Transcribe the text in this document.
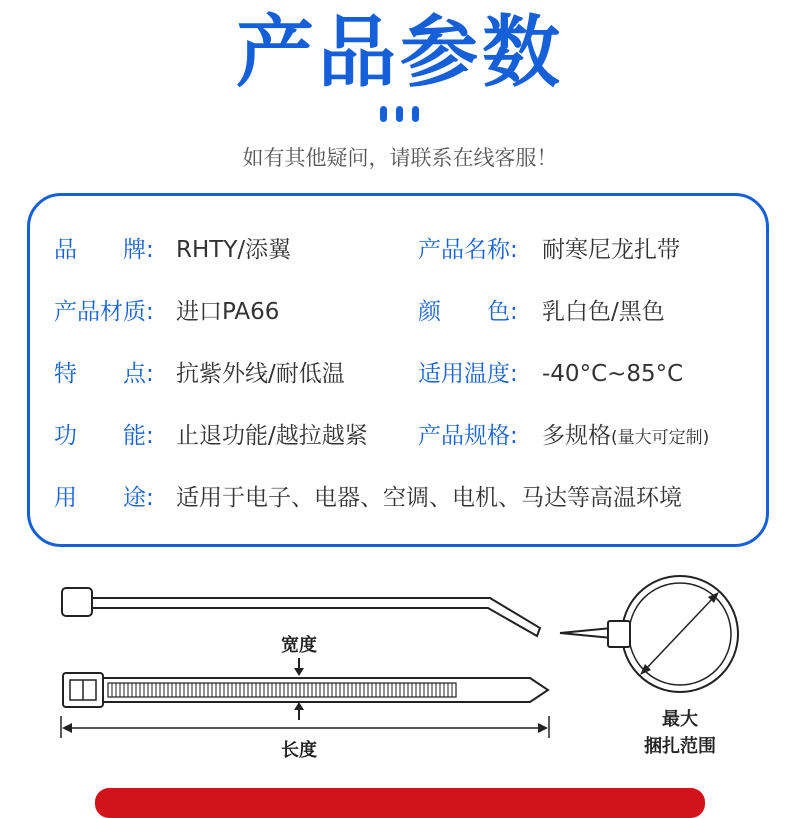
产品参数
如有其他疑问，请联系在线客服！
品　　牌: RHTY/添翼	产品名称: 耐寒尼龙扎带
产品材质: 进口PA66	颜　　色: 乳白色/黑色
特　　点: 抗紫外线/耐低温	适用温度: -40°C~85°C
功　　能: 止退功能/越拉越紧 产品规格: 多规格(量大可定制)
用　　途: 适用于电子、电器、空调、电机、马达等高温环境
宽度
长度
最大
捆扎范围
